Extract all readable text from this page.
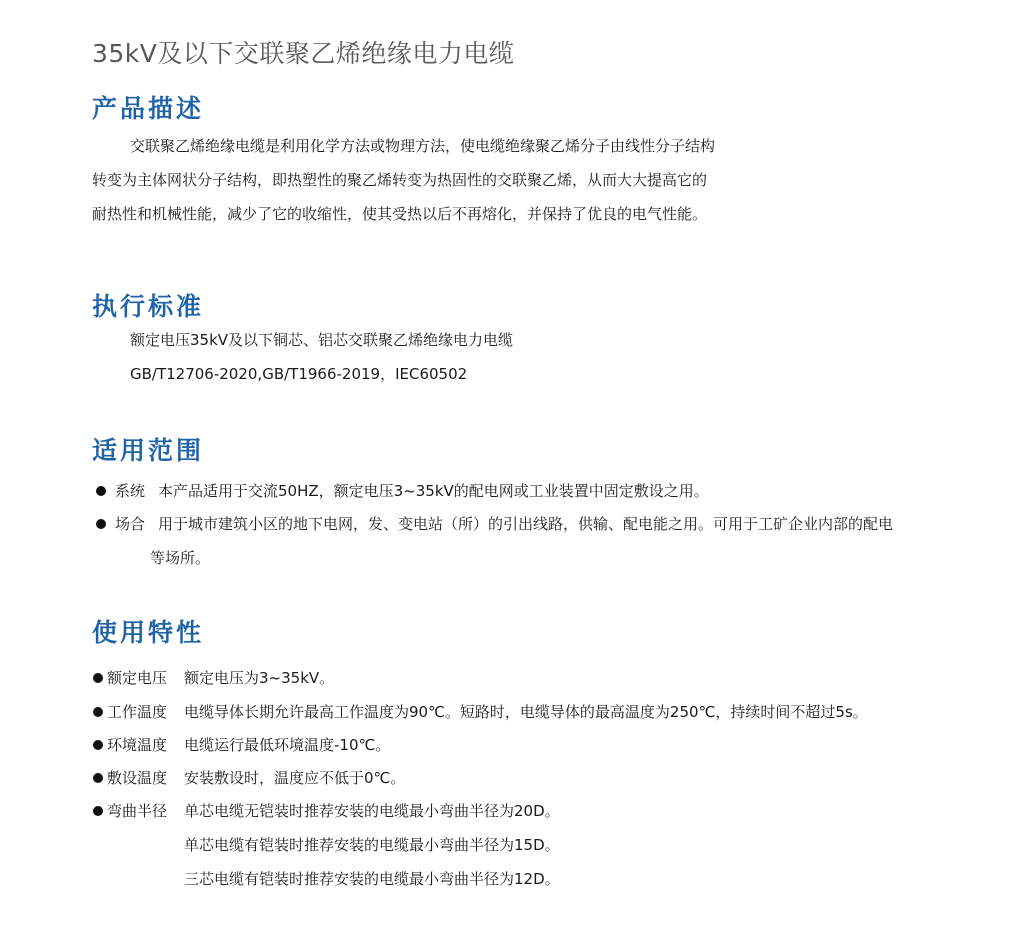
35kV及以下交联聚乙烯绝缘电力电缆
产品描述
交联聚乙烯绝缘电缆是利用化学方法或物理方法，使电缆绝缘聚乙烯分子由线性分子结构
转变为主体网状分子结构，即热塑性的聚乙烯转变为热固性的交联聚乙烯，从而大大提高它的
耐热性和机械性能，减少了它的收缩性，使其受热以后不再熔化，并保持了优良的电气性能。
执行标准
额定电压35kV及以下铜芯、铝芯交联聚乙烯绝缘电力电缆
GB/T12706-2020,GB/T1966-2019，IEC60502
适用范围
系统 本产品适用于交流50HZ，额定电压3~35kV的配电网或工业装置中固定敷设之用。
场合 用于城市建筑小区的地下电网，发、变电站（所）的引出线路，供输、配电能之用。可用于工矿企业内部的配电
等场所。
使用特性
额定电压 额定电压为3~35kV。
工作温度 电缆导体长期允许最高工作温度为90℃。短路时，电缆导体的最高温度为250℃，持续时间不超过5s。
环境温度 电缆运行最低环境温度-10℃。
敷设温度 安装敷设时，温度应不低于0℃。
弯曲半径 单芯电缆无铠装时推荐安装的电缆最小弯曲半径为20D。
单芯电缆有铠装时推荐安装的电缆最小弯曲半径为15D。
三芯电缆有铠装时推荐安装的电缆最小弯曲半径为12D。
